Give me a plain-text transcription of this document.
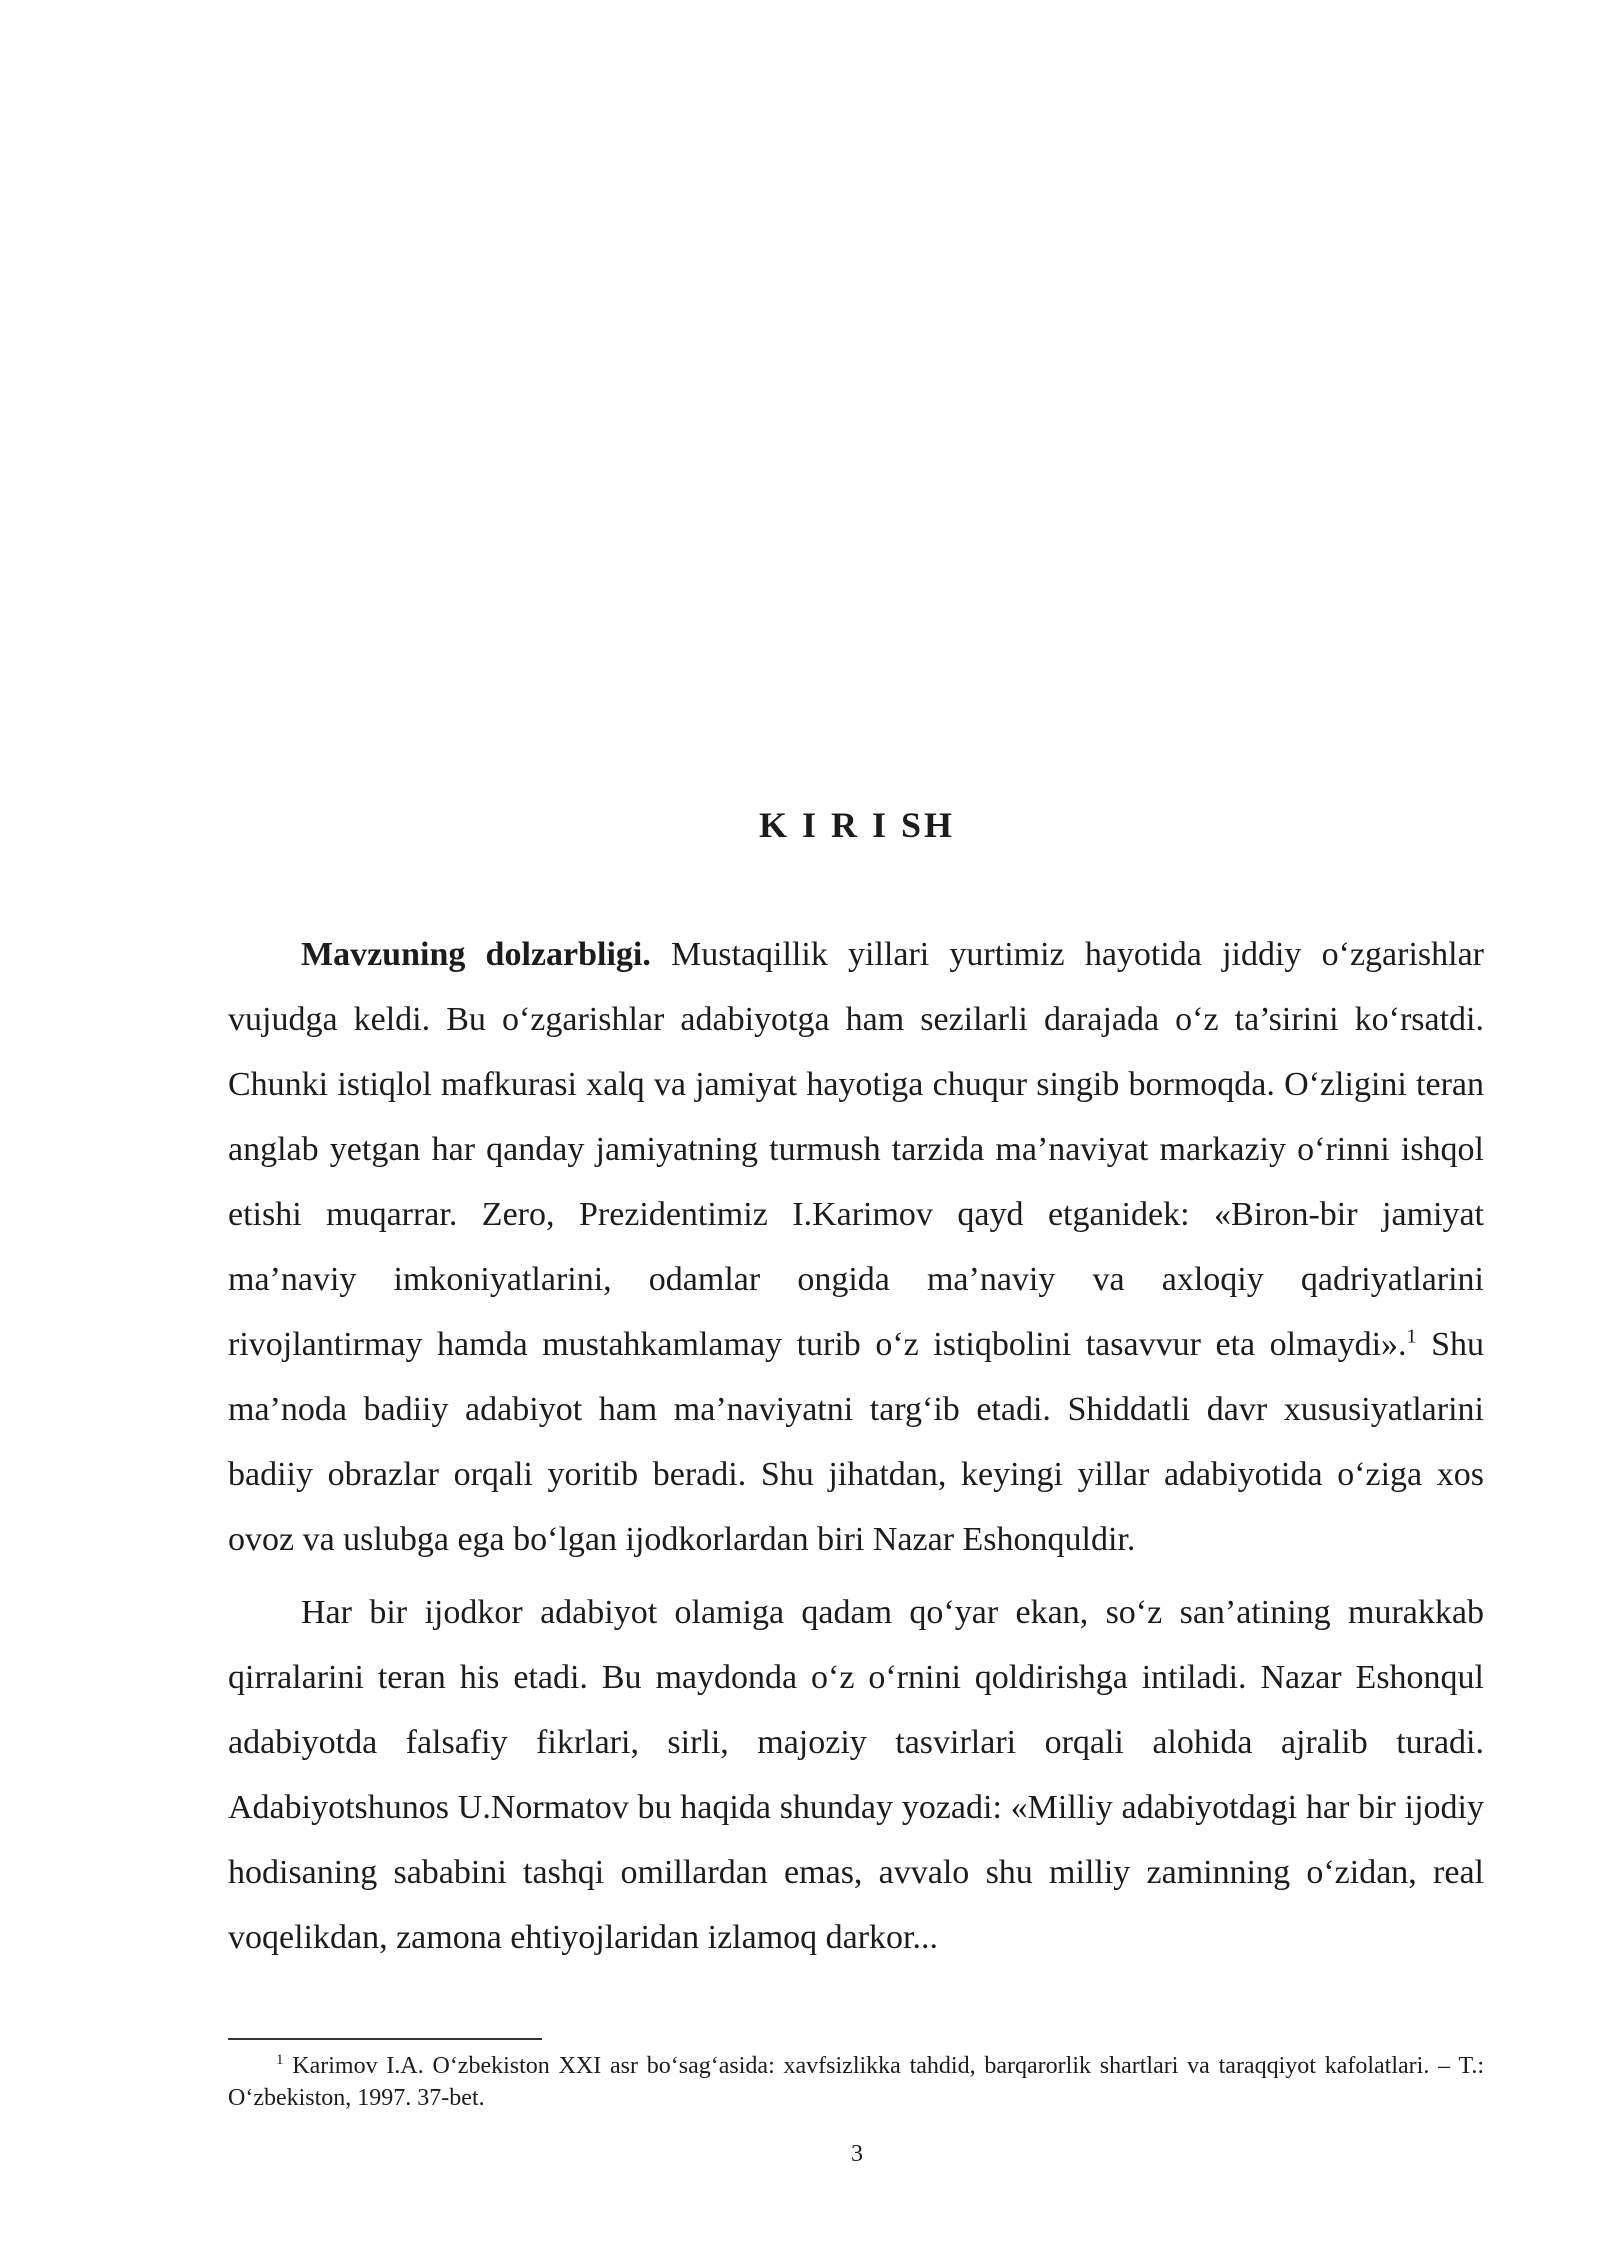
K I R I SH

Mavzuning dolzarbligi. Mustaqillik yillari yurtimiz hayotida jiddiy o‘zgarishlar vujudga keldi. Bu o‘zgarishlar adabiyotga ham sezilarli darajada o‘z ta’sirini ko‘rsatdi. Chunki istiqlol mafkurasi xalq va jamiyat hayotiga chuqur singib bormoqda. O‘zligini teran anglab yetgan har qanday jamiyatning turmush tarzida ma’naviyat markaziy o‘rinni ishqol etishi muqarrar. Zero, Prezidentimiz I.Karimov qayd etganidek: «Biron-bir jamiyat ma’naviy imkoniyatlarini, odamlar ongida ma’naviy va axloqiy qadriyatlarini rivojlantirmay hamda mustahkamlamay turib o‘z istiqbolini tasavvur eta olmaydi».$^1$ Shu ma’noda badiiy adabiyot ham ma’naviyatni targ‘ib etadi. Shiddatli davr xususiyatlarini badiiy obrazlar orqali yoritib beradi. Shu jihatdan, keyingi yillar adabiyotida o‘ziga xos ovoz va uslubga ega bo‘lgan ijodkorlardan biri Nazar Eshonquldir.

Har bir ijodkor adabiyot olamiga qadam qo‘yar ekan, so‘z san’atining murakkab qirralarini teran his etadi. Bu maydonda o‘z o‘rnini qoldirishga intiladi. Nazar Eshonqul adabiyotda falsafiy fikrlari, sirli, majoziy tasvirlari orqali alohida ajralib turadi. Adabiyotshunos U.Normatov bu haqida shunday yozadi: «Milliy adabiyotdagi har bir ijodiy hodisaning sababini tashqi omillardan emas, avvalo shu milliy zaminning o‘zidan, real voqelikdan, zamona ehtiyojlaridan izlamoq darkor...

$^1$ Karimov I.A. O‘zbekiston XXI asr bo‘sag‘asida: xavfsizlikka tahdid, barqarorlik shartlari va taraqqiyot kafolatlari. – T.: O‘zbekiston, 1997. 37-bet.

3
